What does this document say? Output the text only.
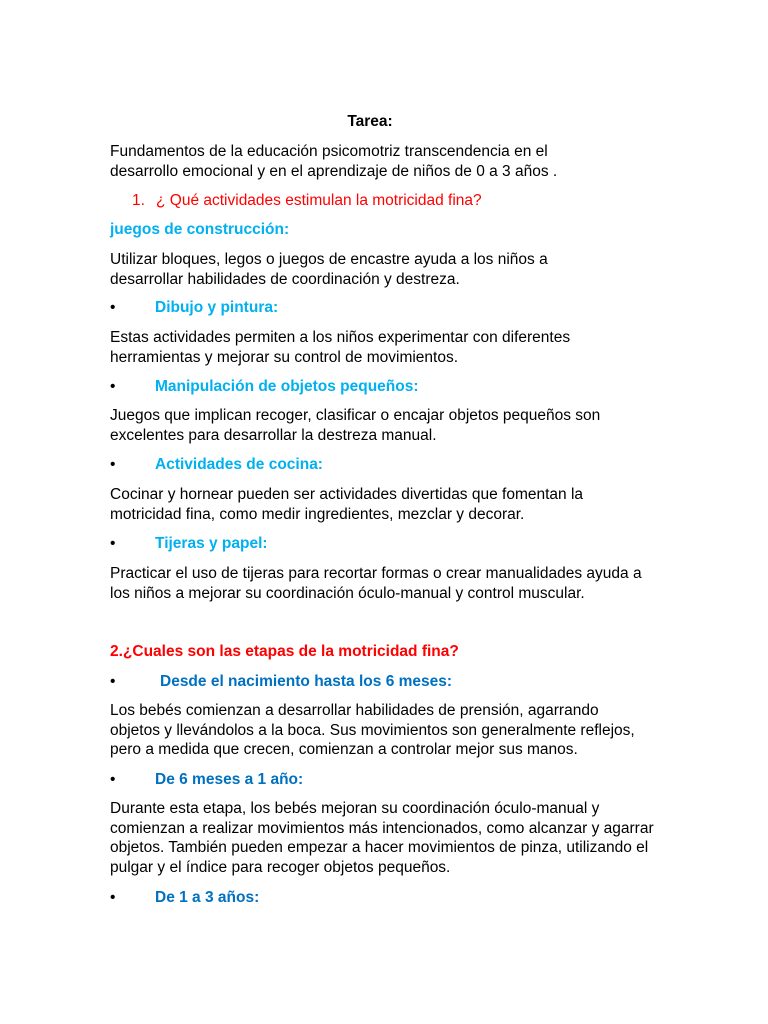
Tarea:

Fundamentos de la educación psicomotriz transcendencia en el desarrollo emocional y en el aprendizaje de niños de 0 a 3 años .

1. ¿ Qué actividades estimulan la motricidad fina?
juegos de construcción:

Utilizar bloques, legos o juegos de encastre ayuda a los niños a desarrollar habilidades de coordinación y destreza.

•	Dibujo y pintura:

Estas actividades permiten a los niños experimentar con diferentes herramientas y mejorar su control de movimientos.

•	Manipulación de objetos pequeños:

Juegos que implican recoger, clasificar o encajar objetos pequeños son excelentes para desarrollar la destreza manual.

•	Actividades de cocina:

Cocinar y hornear pueden ser actividades divertidas que fomentan la motricidad fina, como medir ingredientes, mezclar y decorar.

•	Tijeras y papel:

Practicar el uso de tijeras para recortar formas o crear manualidades ayuda a los niños a mejorar su coordinación óculo-manual y control muscular.

2.¿Cuales son las etapas de la motricidad fina?
•	Desde el nacimiento hasta los 6 meses:

Los bebés comienzan a desarrollar habilidades de prensión, agarrando objetos y llevándolos a la boca. Sus movimientos son generalmente reflejos, pero a medida que crecen, comienzan a controlar mejor sus manos.

•	De 6 meses a 1 año:

Durante esta etapa, los bebés mejoran su coordinación óculo-manual y comienzan a realizar movimientos más intencionados, como alcanzar y agarrar objetos. También pueden empezar a hacer movimientos de pinza, utilizando el pulgar y el índice para recoger objetos pequeños.

•	De 1 a 3 años:
